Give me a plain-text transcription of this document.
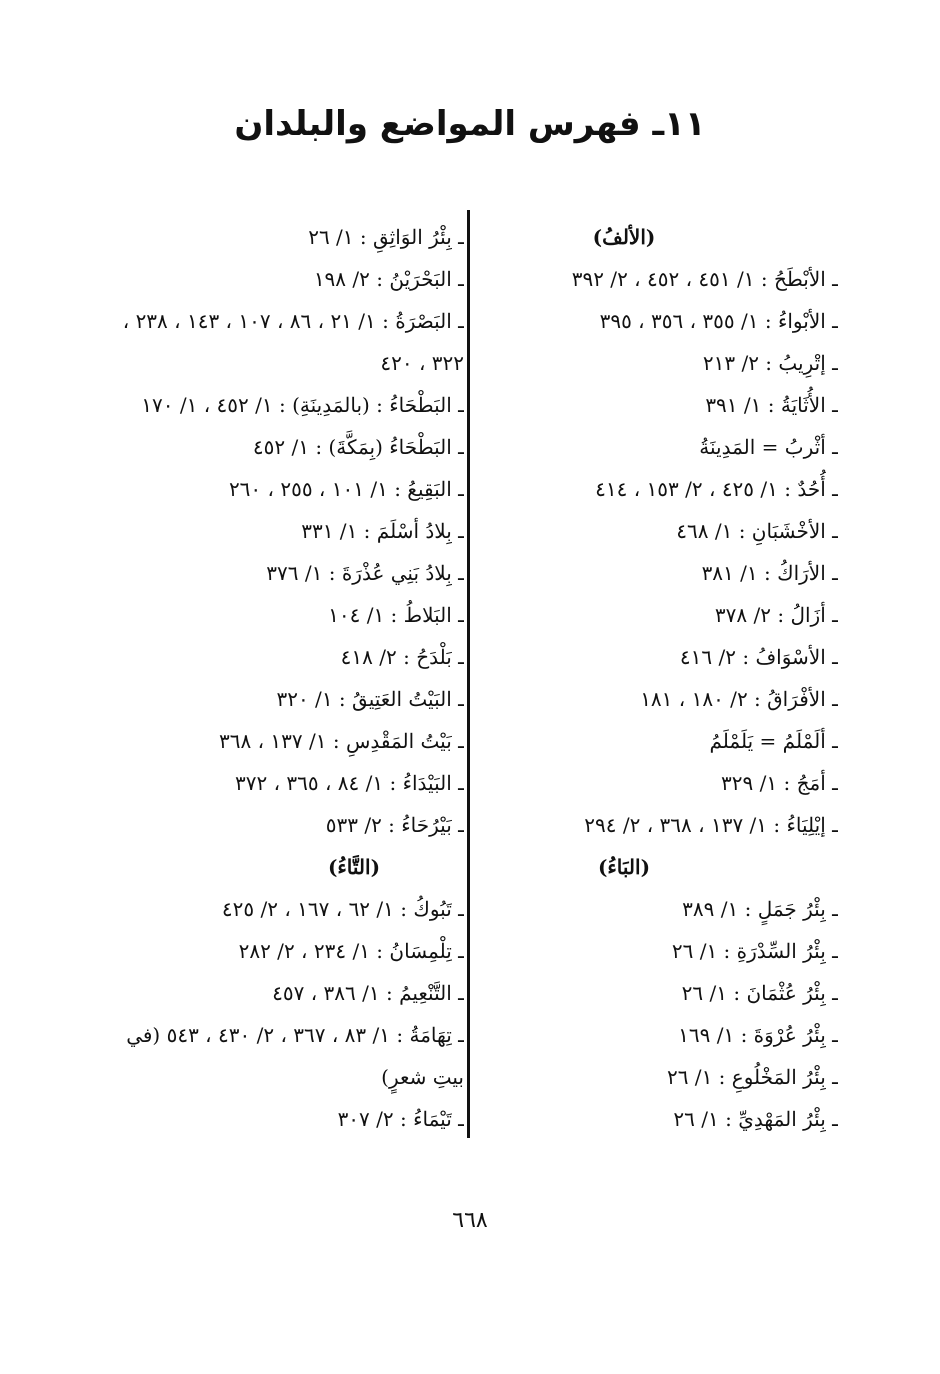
١١ـ فهرس المواضع والبلدان
(الألفُ)
ـ الأبْطَحُ : ١/ ٤٥١ ، ٤٥٢ ، ٢/ ٣٩٢
ـ الأبْواءُ : ١/ ٣٥٥ ، ٣٥٦ ، ٣٩٥
ـ إتْرِيبُ : ٢/ ٢١٣
ـ الأُثَايَةُ : ١/ ٣٩١
ـ أثْربُ = المَدِينَةُ
ـ أُحُدٌ : ١/ ٤٢٥ ، ٢/ ١٥٣ ، ٤١٤
ـ الأخْشَبَانِ : ١/ ٤٦٨
ـ الأرَاكُ : ١/ ٣٨١
ـ أزَالُ : ٢/ ٣٧٨
ـ الأسْوَافُ : ٢/ ٤١٦
ـ الأفْرَاقُ : ٢/ ١٨٠ ، ١٨١
ـ ألَمْلَمُ = يَلَمْلَمُ
ـ أمَجُ : ١/ ٣٢٩
ـ إيْلِيَاءُ : ١/ ١٣٧ ، ٣٦٨ ، ٢/ ٢٩٤
(البَاءُ)
ـ بِئْرُ جَمَلٍ : ١/ ٣٨٩
ـ بِئْرُ السِّدْرَةِ : ١/ ٢٦
ـ بِئْرُ عُثْمَانَ : ١/ ٢٦
ـ بِئْرُ عُرْوَةَ : ١/ ١٦٩
ـ بِئْرُ المَخْلُوعِ : ١/ ٢٦
ـ بِئْرُ المَهْدِيِّ : ١/ ٢٦
ـ بِئْرُ الوَاثِقِ : ١/ ٢٦
ـ البَحْرَيْنُ : ٢/ ١٩٨
ـ البَصْرَةُ : ١/ ٢١ ، ٨٦ ، ١٠٧ ، ١٤٣ ، ٢٣٨ ،
٣٢٢ ، ٤٢٠
ـ البَطْحَاءُ : (بالمَدِينَةِ) : ١/ ٤٥٢ ، ١/ ١٧٠
ـ البَطْحَاءُ (بِمَكَّةَ) : ١/ ٤٥٢
ـ البَقِيعُ : ١/ ١٠١ ، ٢٥٥ ، ٢٦٠
ـ بِلادُ أسْلَمَ : ١/ ٣٣١
ـ بِلادُ بَنِي عُذْرَةَ : ١/ ٣٧٦
ـ البَلاطُ : ١/ ١٠٤
ـ بَلْدَحُ : ٢/ ٤١٨
ـ البَيْتُ العَتِيقُ : ١/ ٣٢٠
ـ بَيْتُ المَقْدِسِ : ١/ ١٣٧ ، ٣٦٨
ـ البَيْدَاءُ : ١/ ٨٤ ، ٣٦٥ ، ٣٧٢
ـ بَيْرُحَاءُ : ٢/ ٥٣٣
(التَّاءُ)
ـ تَبُوكُ : ١/ ٦٢ ، ١٦٧ ، ٢/ ٤٢٥
ـ تِلْمِسَانُ : ١/ ٢٣٤ ، ٢/ ٢٨٢
ـ التَّنْعِيمُ : ١/ ٣٨٦ ، ٤٥٧
ـ تِهَامَةُ : ١/ ٨٣ ، ٣٦٧ ، ٢/ ٤٣٠ ، ٥٤٣ (في
بيتِ شعرٍ)
ـ تَيْمَاءُ : ٢/ ٣٠٧
٦٦٨
